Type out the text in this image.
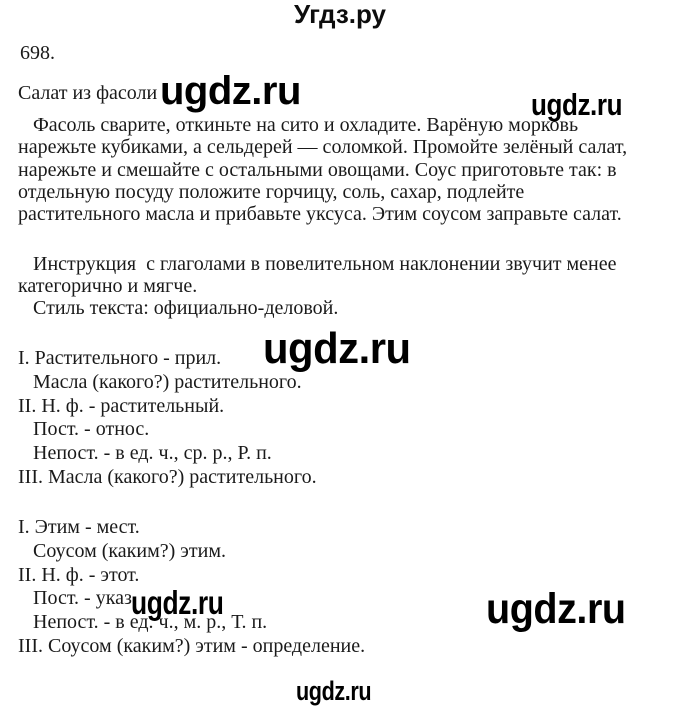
Угдз.ру
698.
Салат из фасоли
Фасоль сварите, откиньте на сито и охладите. Варёную морковь
нарежьте кубиками, а сельдерей — соломкой. Промойте зелёный салат,
нарежьте и смешайте с остальными овощами. Соус приготовьте так: в
отдельную посуду положите горчицу, соль, сахар, подлейте
растительного масла и прибавьте уксуса. Этим соусом заправьте салат.
Инструкция  с глаголами в повелительном наклонении звучит менее
категорично и мягче.
Стиль текста: официально-деловой.
I. Растительного - прил.
Масла (какого?) растительного.
II. Н. ф. - растительный.
Пост. - относ.
Непост. - в ед. ч., ср. р., Р. п.
III. Масла (какого?) растительного.
I. Этим - мест.
Соусом (каким?) этим.
II. Н. ф. - этот.
Пост. - указ.
Непост. - в ед. ч., м. р., Т. п.
III. Соусом (каким?) этим - определение.
ugdz.ru	ugdz.ru
ugdz.ru
ugdz.ru	ugdz.ru
ugdz.ru
